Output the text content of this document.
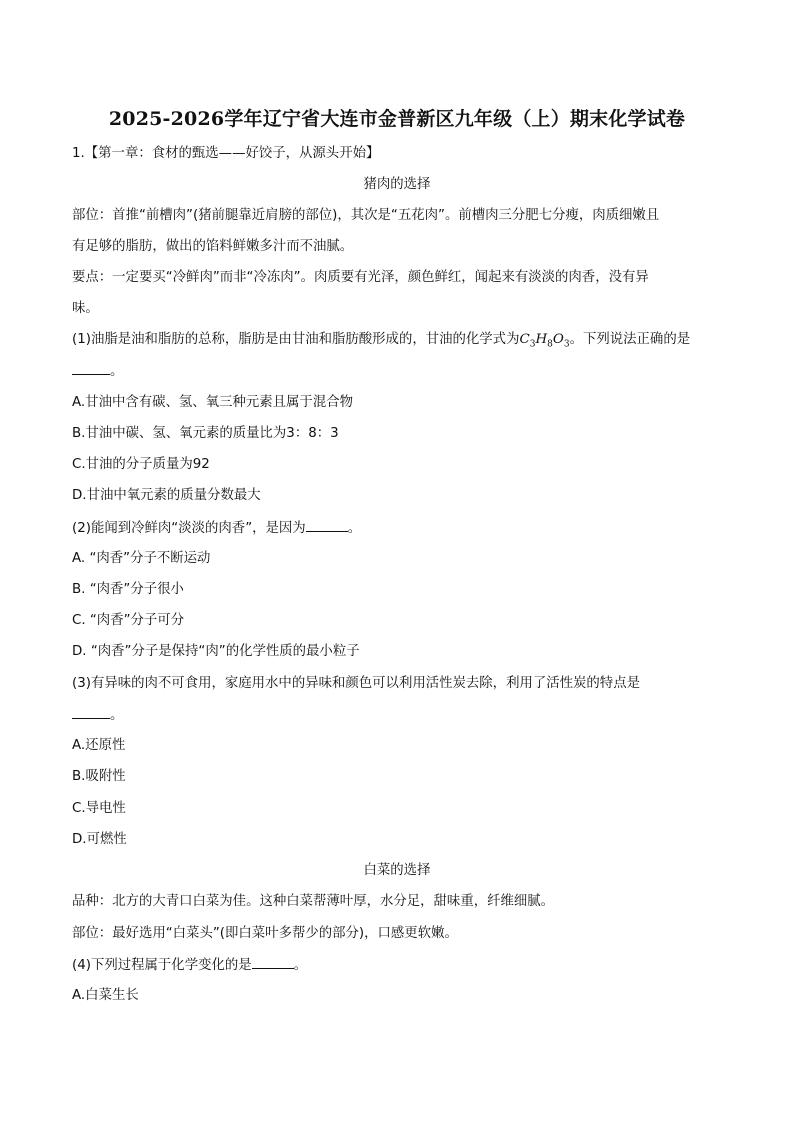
2025-2026学年辽宁省大连市金普新区九年级（上）期末化学试卷
1.【第一章：食材的甄选——好饺子，从源头开始】
猪肉的选择
部位：首推“前槽肉”(猪前腿靠近肩膀的部位)，其次是“五花肉”。前槽肉三分肥七分瘦，肉质细嫩且
有足够的脂肪，做出的馅料鲜嫩多汁而不油腻。
要点：一定要买“冷鲜肉”而非“冷冻肉”。肉质要有光泽，颜色鲜红，闻起来有淡淡的肉香，没有异
味。
(1)油脂是油和脂肪的总称，脂肪是由甘油和脂肪酸形成的，甘油的化学式为$C_3H_8O_3$。下列说法正确的是
。
A.甘油中含有碳、氢、氧三种元素且属于混合物
B.甘油中碳、氢、氧元素的质量比为3：8：3
C.甘油的分子质量为92
D.甘油中氧元素的质量分数最大
(2)能闻到冷鲜肉“淡淡的肉香”，是因为	。
A. “肉香”分子不断运动
B. “肉香”分子很小
C. “肉香”分子可分
D. “肉香”分子是保持“肉”的化学性质的最小粒子
(3)有异味的肉不可食用，家庭用水中的异味和颜色可以利用活性炭去除，利用了活性炭的特点是
。
A.还原性
B.吸附性
C.导电性
D.可燃性
白菜的选择
品种：北方的大青口白菜为佳。这种白菜帮薄叶厚，水分足，甜味重，纤维细腻。
部位：最好选用“白菜头”(即白菜叶多帮少的部分)，口感更软嫩。
(4)下列过程属于化学变化的是	。
A.白菜生长
